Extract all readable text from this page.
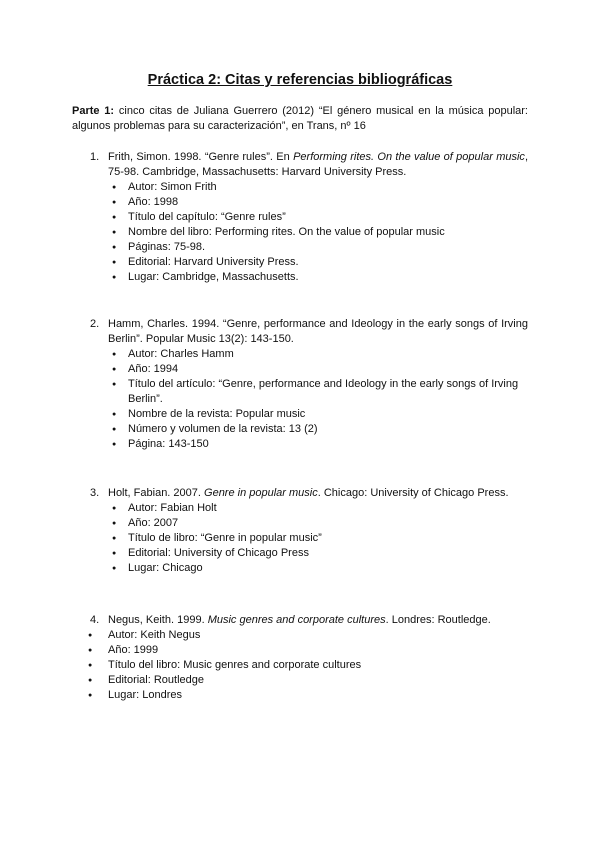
Práctica 2: Citas y referencias bibliográficas
Parte 1: cinco citas de Juliana Guerrero (2012) “El género musical en la música popular: algunos problemas para su caracterización”, en Trans, nº 16
1. Frith, Simon. 1998. “Genre rules”. En Performing rites. On the value of popular music, 75-98. Cambridge, Massachusetts: Harvard University Press.
● Autor: Simon Frith
● Año: 1998
● Título del capítulo: “Genre rules”
● Nombre del libro: Performing rites. On the value of popular music
● Páginas: 75-98.
● Editorial: Harvard University Press.
● Lugar: Cambridge, Massachusetts.
2. Hamm, Charles. 1994. “Genre, performance and Ideology in the early songs of Irving Berlin”. Popular Music 13(2): 143-150.
● Autor: Charles Hamm
● Año: 1994
● Título del artículo: “Genre, performance and Ideology in the early songs of Irving Berlin”.
● Nombre de la revista: Popular music
● Número y volumen de la revista: 13 (2)
● Página: 143-150
3. Holt, Fabian. 2007. Genre in popular music. Chicago: University of Chicago Press.
● Autor: Fabian Holt
● Año: 2007
● Título de libro: “Genre in popular music”
● Editorial: University of Chicago Press
● Lugar: Chicago
4. Negus, Keith. 1999. Music genres and corporate cultures. Londres: Routledge.
● Autor: Keith Negus
● Año: 1999
● Título del libro: Music genres and corporate cultures
● Editorial: Routledge
● Lugar: Londres
